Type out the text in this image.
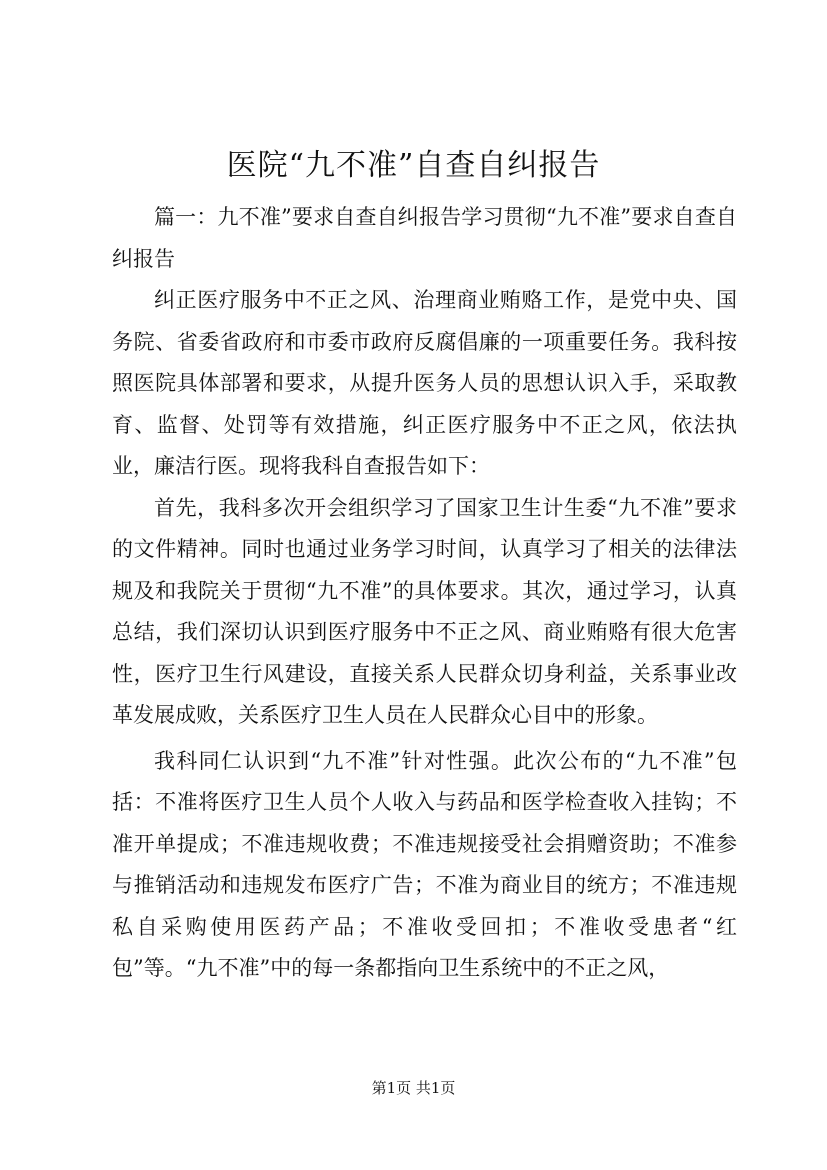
医院“九不准”自查自纠报告

篇一：九不准”要求自查自纠报告学习贯彻“九不准”要求自查自纠报告

纠正医疗服务中不正之风、治理商业贿赂工作，是党中央、国务院、省委省政府和市委市政府反腐倡廉的一项重要任务。我科按照医院具体部署和要求，从提升医务人员的思想认识入手，采取教育、监督、处罚等有效措施，纠正医疗服务中不正之风，依法执业，廉洁行医。现将我科自查报告如下：

首先，我科多次开会组织学习了国家卫生计生委“九不准”要求的文件精神。同时也通过业务学习时间，认真学习了相关的法律法规及和我院关于贯彻“九不准”的具体要求。其次，通过学习，认真总结，我们深切认识到医疗服务中不正之风、商业贿赂有很大危害性，医疗卫生行风建设，直接关系人民群众切身利益，关系事业改革发展成败，关系医疗卫生人员在人民群众心目中的形象。

我科同仁认识到“九不准”针对性强。此次公布的“九不准”包括：不准将医疗卫生人员个人收入与药品和医学检查收入挂钩；不准开单提成；不准违规收费；不准违规接受社会捐赠资助；不准参与推销活动和违规发布医疗广告；不准为商业目的统方；不准违规私自采购使用医药产品；不准收受回扣；不准收受患者“红包”等。“九不准”中的每一条都指向卫生系统中的不正之风，

第1页 共1页
